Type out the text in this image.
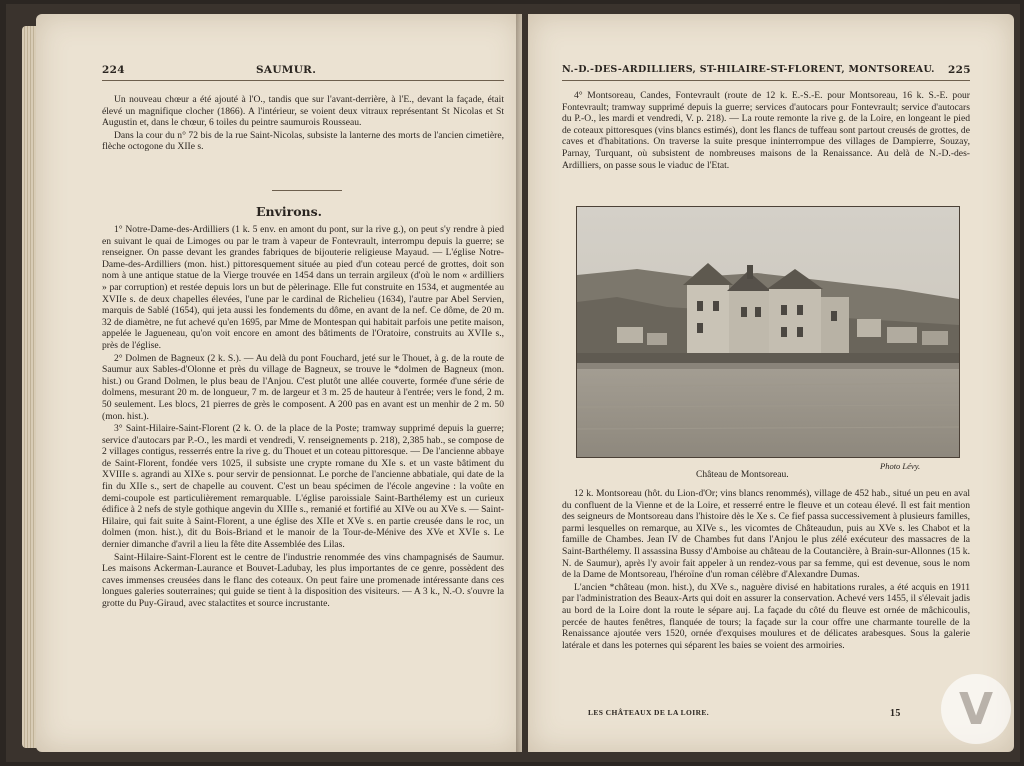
224	SAUMUR.

Un nouveau chœur a été ajouté à l'O., tandis que sur l'avant-derrière, à l'E., devant la façade, était élevé un magnifique clocher (1866). A l'intérieur, se voient deux vitraux représentant St Nicolas et St Augustin et, dans le chœur, 6 toiles du peintre saumurois Rousseau.

Dans la cour du n° 72 bis de la rue Saint-Nicolas, subsiste la lanterne des morts de l'ancien cimetière, flèche octogone du XIIe s.

Environs.

1° Notre-Dame-des-Ardilliers (1 k. 5 env. en amont du pont, sur la rive g.), on peut s'y rendre à pied en suivant le quai de Limoges ou par le tram à vapeur de Fontevrault, interrompu depuis la guerre; se renseigner. On passe devant les grandes fabriques de bijouterie religieuse Mayaud. — L'église Notre-Dame-des-Ardilliers (mon. hist.) pittoresquement située au pied d'un coteau percé de grottes, doit son nom à une antique statue de la Vierge trouvée en 1454 dans un terrain argileux (d'où le nom « ardilliers » par corruption) et restée depuis lors un but de pèlerinage. Elle fut construite en 1534, et augmentée au XVIIe s. de deux chapelles élevées, l'une par le cardinal de Richelieu (1634), l'autre par Abel Servien, marquis de Sablé (1654), qui jeta aussi les fondements du dôme, en avant de la nef. Ce dôme, de 20 m. 32 de diamètre, ne fut achevé qu'en 1695, par Mme de Montespan qui habitait parfois une petite maison, appelée le Jagueneau, qu'on voit encore en amont des bâtiments de l'Oratoire, construits au XVIIe s., près de l'église.

2° Dolmen de Bagneux (2 k. S.). — Au delà du pont Fouchard, jeté sur le Thouet, à g. de la route de Saumur aux Sables-d'Olonne et près du village de Bagneux, se trouve le *dolmen de Bagneux (mon. hist.) ou Grand Dolmen, le plus beau de l'Anjou. C'est plutôt une allée couverte, formée d'une série de dolmens, mesurant 20 m. de longueur, 7 m. de largeur et 3 m. 25 de hauteur à l'entrée; vers le fond, 2 m. 50 seulement. Les blocs, 21 pierres de grès le composent. A 200 pas en avant est un menhir de 2 m. 50 (mon. hist.).

3° Saint-Hilaire-Saint-Florent (2 k. O. de la place de la Poste; tramway supprimé depuis la guerre; service d'autocars par P.-O., les mardi et vendredi, V. renseignements p. 218), 2,385 hab., se compose de 2 villages contigus, resserrés entre la rive g. du Thouet et un coteau pittoresque. — De l'ancienne abbaye de Saint-Florent, fondée vers 1025, il subsiste une crypte romane du XIe s. et un vaste bâtiment du XVIIIe s. agrandi au XIXe s. pour servir de pensionnat. Le porche de l'ancienne abbatiale, qui date de la fin du XIIe s., sert de chapelle au couvent. C'est un beau spécimen de l'école angevine : la voûte en demi-coupole est particulièrement remarquable. L'église paroissiale Saint-Barthélemy est un curieux édifice à 2 nefs de style gothique angevin du XIIIe s., remanié et fortifié au XIVe ou au XVe s. — Saint-Hilaire, qui fait suite à Saint-Florent, a une église des XIIe et XVe s. en partie creusée dans le roc, un dolmen (mon. hist.), dit du Bois-Briand et le manoir de la Tour-de-Ménive des XVe et XVIe s. Le dernier dimanche d'avril a lieu la fête dite Assemblée des Lilas.

Saint-Hilaire-Saint-Florent est le centre de l'industrie renommée des vins champagnisés de Saumur. Les maisons Ackerman-Laurance et Bouvet-Ladubay, les plus importantes de ce genre, possèdent des caves immenses creusées dans le flanc des coteaux. On peut faire une promenade intéressante dans ces longues galeries souterraines; qui guide se tient à la disposition des visiteurs. — A 3 k., N.-O. s'ouvre la grotte du Puy-Giraud, avec stalactites et source incrustante.

N.-D.-DES-ARDILLIERS, ST-HILAIRE-ST-FLORENT, MONTSOREAU. 225

4° Montsoreau, Candes, Fontevrault (route de 12 k. E.-S.-E. pour Montsoreau, 16 k. S.-E. pour Fontevrault; tramway supprimé depuis la guerre; services d'autocars pour Fontevrault; service d'autocars du P.-O., les mardi et vendredi, V. p. 218). — La route remonte la rive g. de la Loire, en longeant le pied de coteaux pittoresques (vins blancs estimés), dont les flancs de tuffeau sont partout creusés de grottes, de caves et d'habitations. On traverse la suite presque ininterrompue des villages de Dampierre, Souzay, Parnay, Turquant, où subsistent de nombreuses maisons de la Renaissance. Au delà de N.-D.-des-Ardilliers, on passe sous le viaduc de l'Etat.

Photo Lévy.
Château de Montsoreau.

12 k. Montsoreau (hôt. du Lion-d'Or; vins blancs renommés), village de 452 hab., situé un peu en aval du confluent de la Vienne et de la Loire, et resserré entre le fleuve et un coteau élevé. Il est fait mention des seigneurs de Montsoreau dans l'histoire dès le Xe s. Ce fief passa successivement à plusieurs familles, parmi lesquelles on remarque, au XIVe s., les vicomtes de Châteaudun, puis au XVe s. les Chabot et la famille de Chambes. Jean IV de Chambes fut dans l'Anjou le plus zélé exécuteur des massacres de la Saint-Barthélemy. Il assassina Bussy d'Amboise au château de la Coutancière, à Brain-sur-Allonnes (15 k. N. de Saumur), après l'y avoir fait appeler à un rendez-vous par sa femme, qui est devenue, sous le nom de la Dame de Montsoreau, l'héroïne d'un roman célèbre d'Alexandre Dumas.

L'ancien *château (mon. hist.), du XVe s., naguère divisé en habitations rurales, a été acquis en 1911 par l'administration des Beaux-Arts qui doit en assurer la conservation. Achevé vers 1455, il s'élevait jadis au bord de la Loire dont la route le sépare auj. La façade du côté du fleuve est ornée de mâchicoulis, percée de hautes fenêtres, flanquée de tours; la façade sur la cour offre une charmante tourelle de la Renaissance ajoutée vers 1520, ornée d'exquises moulures et de délicates arabesques. Sous la galerie latérale et dans les poternes qui séparent les baies se voient des armoiries.

LES CHÂTEAUX DE LA LOIRE.	15	V
